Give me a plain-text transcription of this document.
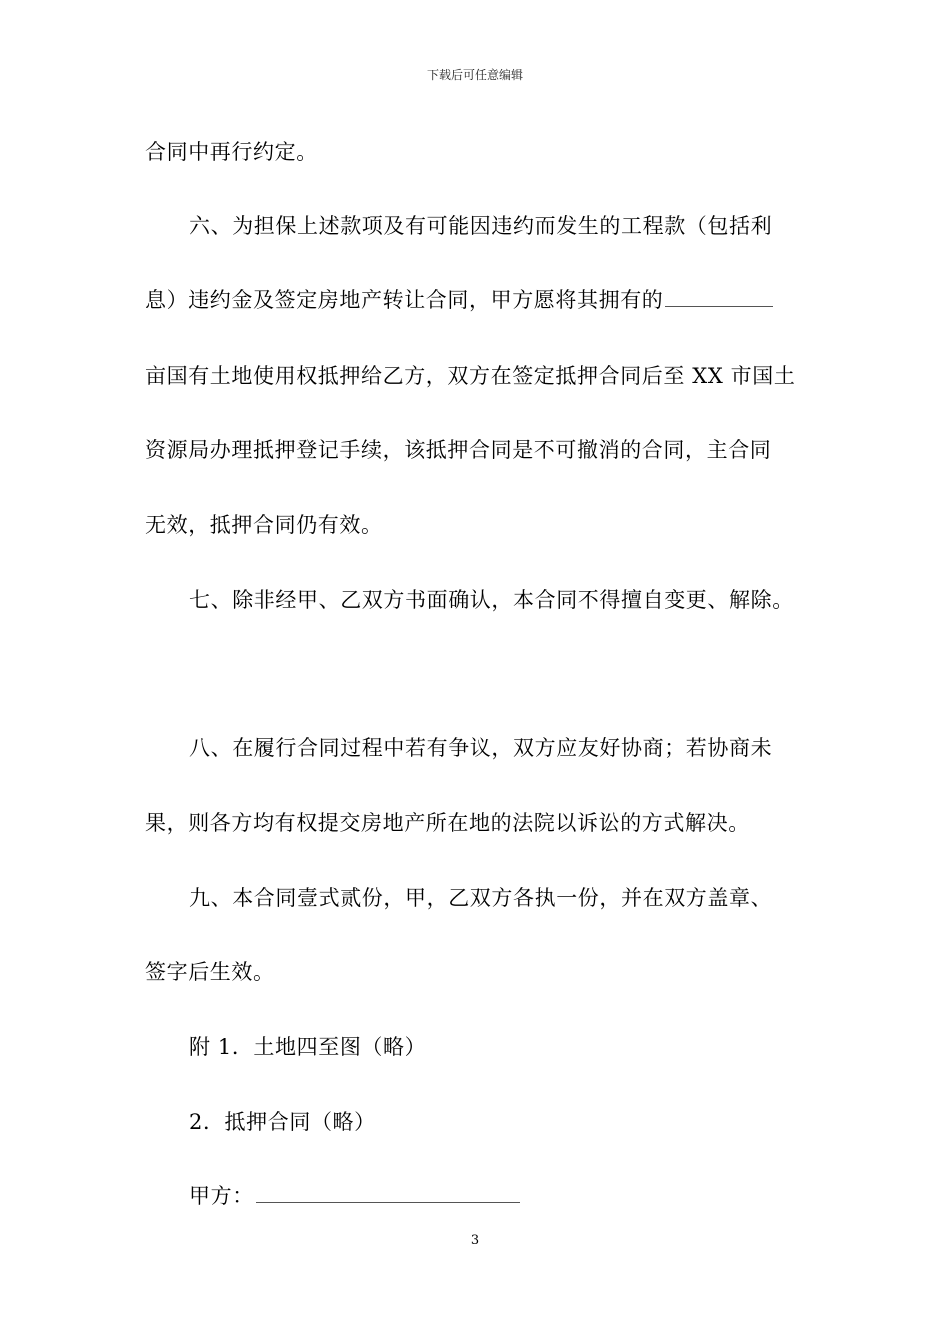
下载后可任意编辑
合同中再行约定。
六、为担保上述款项及有可能因违约而发生的工程款（包括利
息）违约金及签定房地产转让合同，甲方愿将其拥有的
亩国有土地使用权抵押给乙方，双方在签定抵押合同后至 XX 市国土
资源局办理抵押登记手续，该抵押合同是不可撤消的合同，主合同
无效，抵押合同仍有效。
七、除非经甲、乙双方书面确认，本合同不得擅自变更、解除。
八、在履行合同过程中若有争议，双方应友好协商；若协商未
果，则各方均有权提交房地产所在地的法院以诉讼的方式解决。
九、本合同壹式贰份，甲，乙双方各执一份，并在双方盖章、
签字后生效。
附 1．土地四至图（略）
2．抵押合同（略）
甲方：
3
